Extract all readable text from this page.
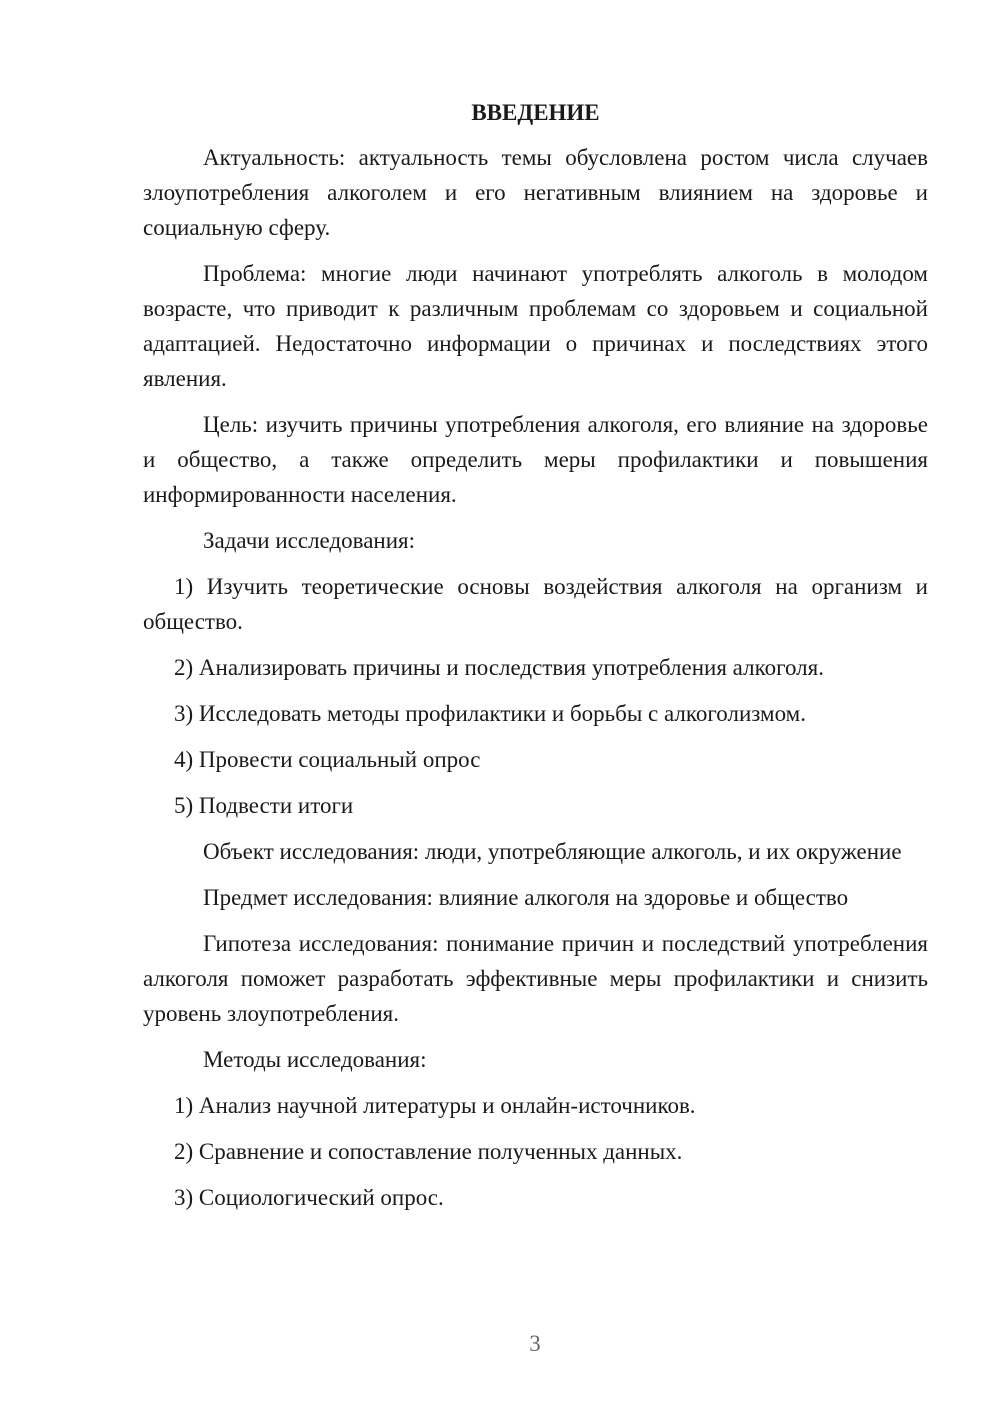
ВВЕДЕНИЕ

Актуальность: актуальность темы обусловлена ростом числа случаев злоупотребления алкоголем и его негативным влиянием на здоровье и социальную сферу.

Проблема: многие люди начинают употреблять алкоголь в молодом возрасте, что приводит к различным проблемам со здоровьем и социальной адаптацией. Недостаточно информации о причинах и последствиях этого явления.

Цель: изучить причины употребления алкоголя, его влияние на здоровье и общество, а также определить меры профилактики и повышения информированности населения.

Задачи исследования:

1) Изучить теоретические основы воздействия алкоголя на организм и общество.

2) Анализировать причины и последствия употребления алкоголя.

3) Исследовать методы профилактики и борьбы с алкоголизмом.

4) Провести социальный опрос

5) Подвести итоги

Объект исследования: люди, употребляющие алкоголь, и их окружение

Предмет исследования: влияние алкоголя на здоровье и общество

Гипотеза исследования: понимание причин и последствий употребления алкоголя поможет разработать эффективные меры профилактики и снизить уровень злоупотребления.

Методы исследования:

1) Анализ научной литературы и онлайн-источников.

2) Сравнение и сопоставление полученных данных.

3) Социологический опрос.

3
